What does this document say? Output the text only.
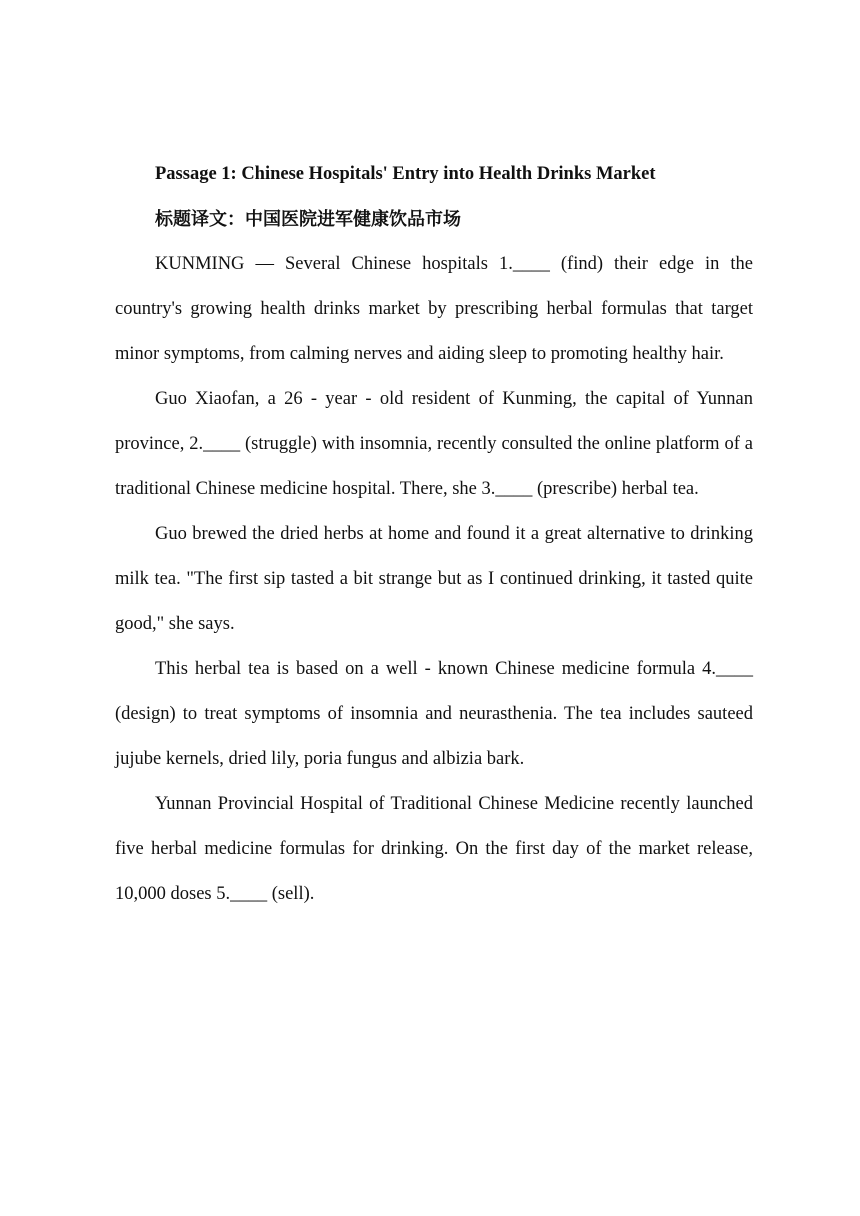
Passage 1: Chinese Hospitals' Entry into Health Drinks Market

标题译文：中国医院进军健康饮品市场

KUNMING — Several Chinese hospitals 1.____ (find) their edge in the country's growing health drinks market by prescribing herbal formulas that target minor symptoms, from calming nerves and aiding sleep to promoting healthy hair.

Guo Xiaofan, a 26 - year - old resident of Kunming, the capital of Yunnan province, 2.____ (struggle) with insomnia, recently consulted the online platform of a traditional Chinese medicine hospital. There, she 3.____ (prescribe) herbal tea.

Guo brewed the dried herbs at home and found it a great alternative to drinking milk tea. "The first sip tasted a bit strange but as I continued drinking, it tasted quite good," she says.

This herbal tea is based on a well - known Chinese medicine formula 4.____ (design) to treat symptoms of insomnia and neurasthenia. The tea includes sauteed jujube kernels, dried lily, poria fungus and albizia bark.

Yunnan Provincial Hospital of Traditional Chinese Medicine recently launched five herbal medicine formulas for drinking. On the first day of the market release, 10,000 doses 5.____ (sell).
